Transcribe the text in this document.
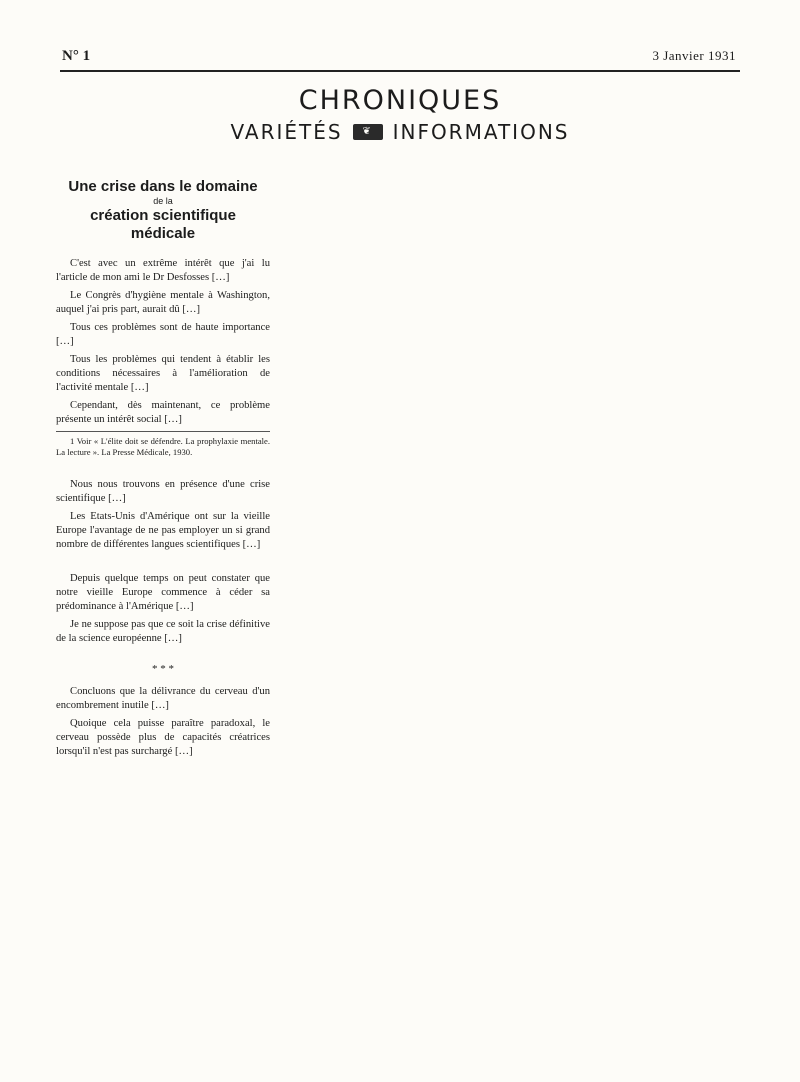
N° 1	3 Janvier 1931
CHRONIQUES
VARIÉTÉS	❦ INFORMATIONS
Une crise dans le domaine
de la
création scientifique médicale

C'est avec un extrême intérêt que j'ai lu l'article de mon ami le Dr Desfosses […]

Le Congrès d'hygiène mentale à Washington, auquel j'ai pris part, aurait dû […]

Tous ces problèmes sont de haute importance […]

Tous les problèmes qui tendent à établir les conditions nécessaires à l'amélioration de l'activité mentale […]

Cependant, dès maintenant, ce problème présente un intérêt social […]

1 Voir « L'élite doit se défendre. La prophylaxie mentale. La lecture ». La Presse Médicale, 1930.

Nous nous trouvons en présence d'une crise scientifique […]

Les Etats-Unis d'Amérique ont sur la vieille Europe l'avantage de ne pas employer un si grand nombre de différentes langues scientifiques […]

Depuis quelque temps on peut constater que notre vieille Europe commence à céder sa prédominance à l'Amérique […]

Je ne suppose pas que ce soit la crise définitive de la science européenne […]

* * *

Concluons que la délivrance du cerveau d'un encombrement inutile […]

Quoique cela puisse paraître paradoxal, le cerveau possède plus de capacités créatrices lorsqu'il n'est pas surchargé […]
